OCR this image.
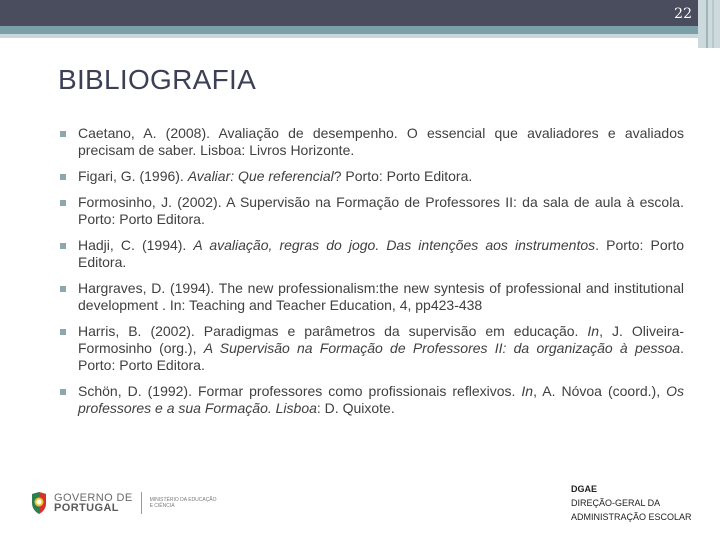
22
BIBLIOGRAFIA
Caetano, A. (2008). Avaliação de desempenho. O essencial que avaliadores e avaliados precisam de saber. Lisboa: Livros Horizonte.
Figari, G. (1996). Avaliar: Que referencial? Porto: Porto Editora.
Formosinho, J. (2002). A Supervisão na Formação de Professores II: da sala de aula à escola. Porto: Porto Editora.
Hadji, C. (1994). A avaliação, regras do jogo. Das intenções aos instrumentos. Porto: Porto Editora.
Hargraves, D. (1994). The new professionalism:the new syntesis of professional and institutional development . In: Teaching and Teacher Education, 4, pp423-438
Harris, B. (2002). Paradigmas e parâmetros da supervisão em educação. In, J. Oliveira-Formosinho (org.), A Supervisão na Formação de Professores II: da organização à pessoa. Porto: Porto Editora.
Schön, D. (1992). Formar professores como profissionais reflexivos. In, A. Nóvoa (coord.), Os professores e a sua Formação. Lisboa: D. Quixote.
GOVERNO DE
PORTUGAL
MINISTÉRIO DA EDUCAÇÃO
E CIÊNCIA
DGAE
DIREÇÃO-GERAL DA
ADMINISTRAÇÃO ESCOLAR
